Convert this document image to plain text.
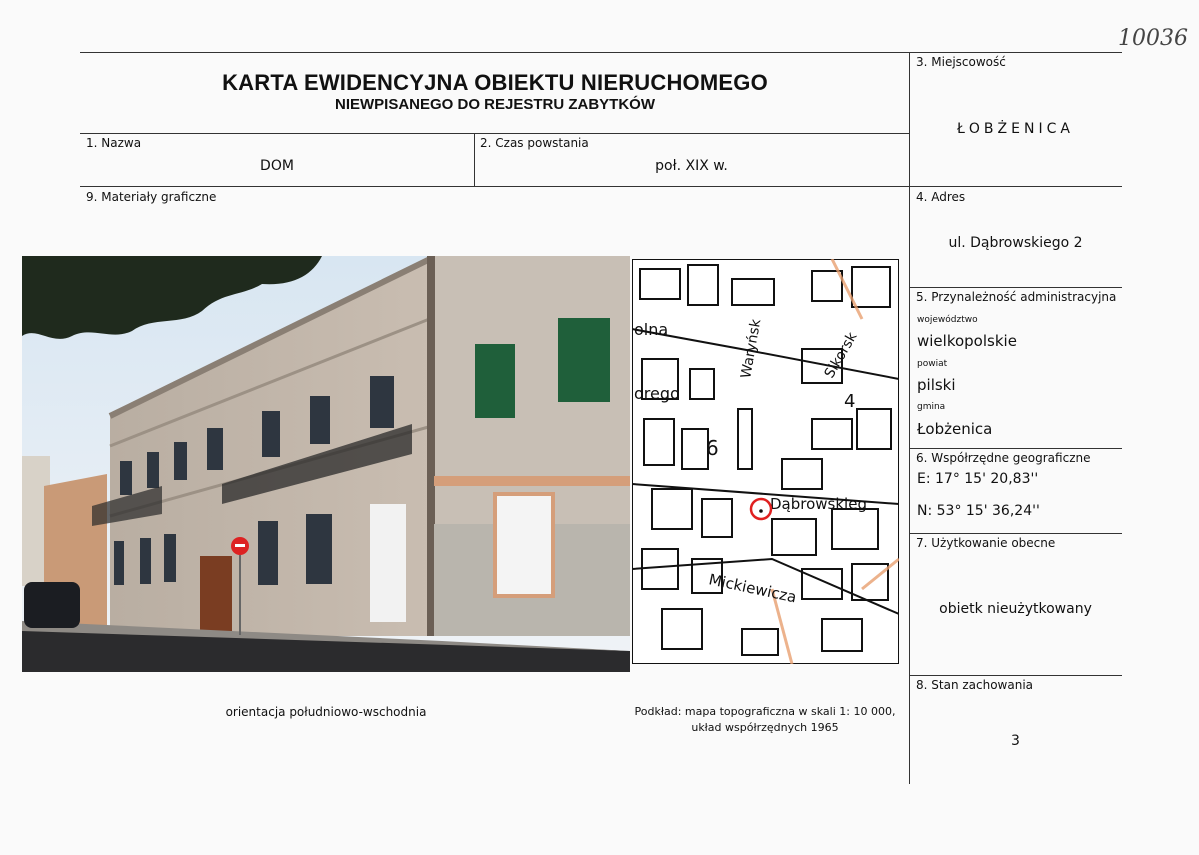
10036
KARTA EWIDENCYJNA OBIEKTU NIERUCHOMEGO
NIEWPISANEGO DO REJESTRU ZABYTKÓW
1. Nazwa
DOM
2. Czas powstania
poł. XIX w.
3. Miejscowość
ŁOBŻENICA
4. Adres
ul. Dąbrowskiego 2
5. Przynależność administracyjna
województwo
wielkopolskie
powiat
pilski
gmina
Łobżenica
6. Współrzędne geograficzne
E: 17° 15' 20,83''
N: 53° 15' 36,24''
7. Użytkowanie obecne
obietk nieużytkowany
8. Stan zachowania
3
9. Materiały graficzne
orientacja południowo-wschodnia
olna
orego
6
4
Dąbrowskieg
Mickiewicza
Waryńsk	Sikorsk
Podkład: mapa topograficzna w skali 1: 10 000,
układ współrzędnych 1965
